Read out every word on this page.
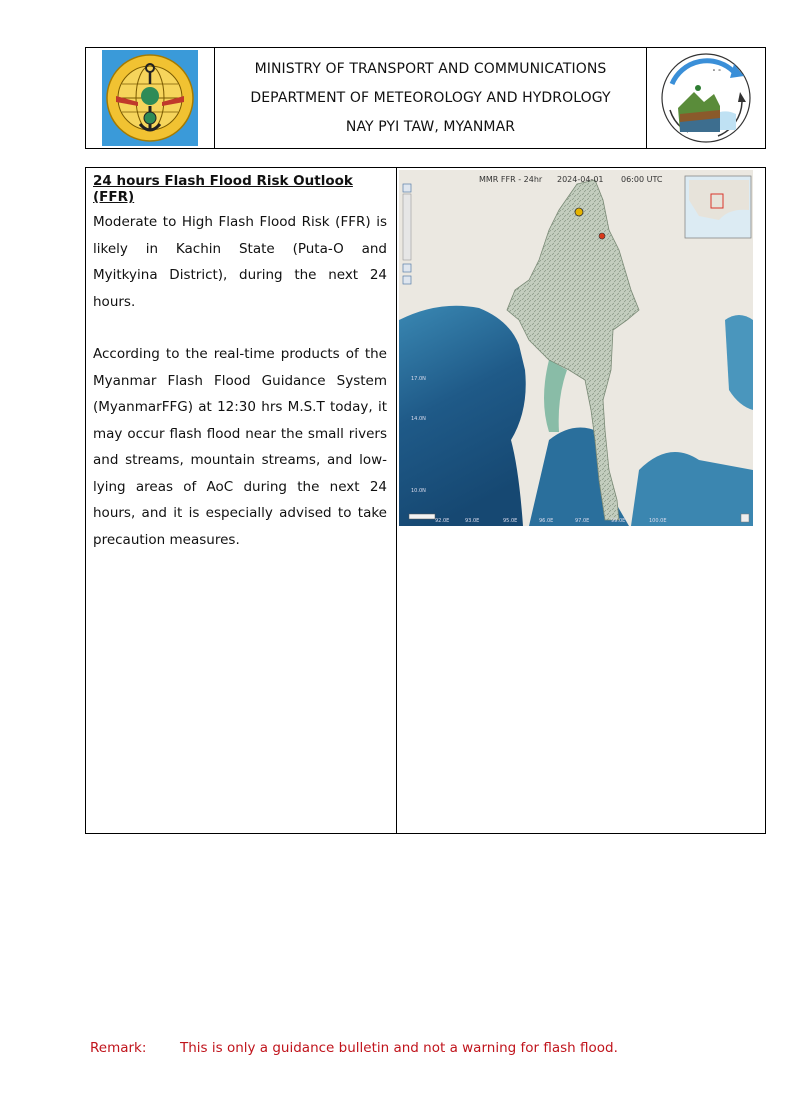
MINISTRY OF TRANSPORT AND COMMUNICATIONS
DEPARTMENT OF METEOROLOGY AND HYDROLOGY
NAY PYI TAW, MYANMAR
∘ ∘
24 hours Flash Flood Risk Outlook (FFR)

Moderate to High Flash Flood Risk (FFR) is likely in Kachin State (Puta-O and Myitkyina District), during the next 24 hours.

According to the real-time products of the Myanmar Flash Flood Guidance System (MyanmarFFG) at 12:30 hrs M.S.T today, it may occur flash flood near the small rivers and streams, mountain streams, and low-lying areas of AoC during the next 24 hours, and it is especially advised to take precaution measures.

MMR FFR - 24hr 2024-04-01 06:00 UTC
17.0N
14.0N
10.0N
92.0E	93.0E	95.0E	96.0E	97.0E	99.0E	100.0E
Remark:	This is only a guidance bulletin and not a warning for flash flood.
